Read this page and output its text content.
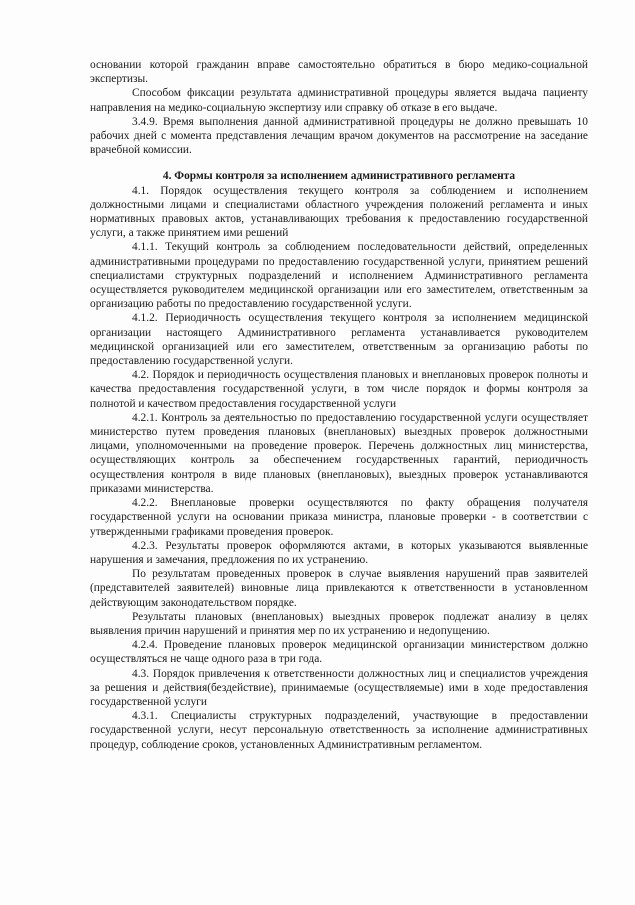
основании которой гражданин вправе самостоятельно обратиться в бюро медико-социальной экспертизы.

Способом фиксации результата административной процедуры является выдача пациенту направления на медико-социальную экспертизу или справку об отказе в его выдаче.

3.4.9. Время выполнения данной административной процедуры не должно превышать 10 рабочих дней с момента представления лечащим врачом документов на рассмотрение на заседание врачебной комиссии.

4. Формы контроля за исполнением административного регламента

4.1. Порядок осуществления текущего контроля за соблюдением и исполнением должностными лицами и специалистами областного учреждения положений регламента и иных нормативных правовых актов, устанавливающих требования к предоставлению государственной услуги, а также принятием ими решений

4.1.1. Текущий контроль за соблюдением последовательности действий, определенных административными процедурами по предоставлению государственной услуги, принятием решений специалистами структурных подразделений и исполнением Административного регламента осуществляется руководителем медицинской организации или его заместителем, ответственным за организацию работы по предоставлению государственной услуги.

4.1.2. Периодичность осуществления текущего контроля за исполнением медицинской организации настоящего Административного регламента устанавливается руководителем медицинской организацией или его заместителем, ответственным за организацию работы по предоставлению государственной услуги.

4.2. Порядок и периодичность осуществления плановых и внеплановых проверок полноты и качества предоставления государственной услуги, в том числе порядок и формы контроля за полнотой и качеством предоставления государственной услуги

4.2.1. Контроль за деятельностью по предоставлению государственной услуги осуществляет министерство путем проведения плановых (внеплановых) выездных проверок должностными лицами, уполномоченными на проведение проверок. Перечень должностных лиц министерства, осуществляющих контроль за обеспечением государственных гарантий, периодичность осуществления контроля в виде плановых (внеплановых), выездных проверок устанавливаются приказами министерства.

4.2.2. Внеплановые проверки осуществляются по факту обращения получателя государственной услуги на основании приказа министра, плановые проверки - в соответствии с утвержденными графиками проведения проверок.

4.2.3. Результаты проверок оформляются актами, в которых указываются выявленные нарушения и замечания, предложения по их устранению.

По результатам проведенных проверок в случае выявления нарушений прав заявителей (представителей заявителей) виновные лица привлекаются к ответственности в установленном действующим законодательством порядке.

Результаты плановых (внеплановых) выездных проверок подлежат анализу в целях выявления причин нарушений и принятия мер по их устранению и недопущению.

4.2.4. Проведение плановых проверок медицинской организации министерством должно осуществляться не чаще одного раза в три года.

4.3. Порядок привлечения к ответственности должностных лиц и специалистов учреждения за решения и действия(бездействие), принимаемые (осуществляемые) ими в ходе предоставления государственной услуги

4.3.1. Специалисты структурных подразделений, участвующие в предоставлении государственной услуги, несут персональную ответственность за исполнение административных процедур, соблюдение сроков, установленных Административным регламентом.
